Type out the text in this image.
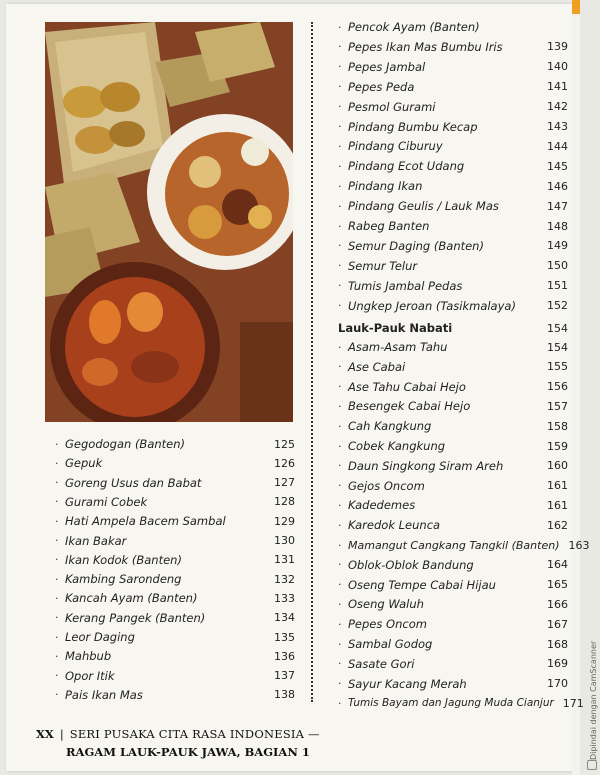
· Gegodogan (Banten)	125
· Gepuk	126
· Goreng Usus dan Babat	127
· Gurami Cobek	128
· Hati Ampela Bacem Sambal	129
· Ikan Bakar	130
· Ikan Kodok (Banten)	131
· Kambing Sarondeng	132
· Kancah Ayam (Banten)	133
· Kerang Pangek (Banten)	134
· Leor Daging	135
· Mahbub	136
· Opor Itik	137
· Pais Ikan Mas	138
· Pencok Ayam (Banten)
· Pepes Ikan Mas Bumbu Iris	139
· Pepes Jambal	140
· Pepes Peda	141
· Pesmol Gurami	142
· Pindang Bumbu Kecap	143
· Pindang Ciburuy	144
· Pindang Ecot Udang	145
· Pindang Ikan	146
· Pindang Geulis / Lauk Mas	147
· Rabeg Banten	148
· Semur Daging (Banten)	149
· Semur Telur	150
· Tumis Jambal Pedas	151
· Ungkep Jeroan (Tasikmalaya)	152
Lauk-Pauk Nabati	154
· Asam-Asam Tahu	154
· Ase Cabai	155
· Ase Tahu Cabai Hejo	156
· Besengek Cabai Hejo	157
· Cah Kangkung	158
· Cobek Kangkung	159
· Daun Singkong Siram Areh	160
· Gejos Oncom	161
· Kadedemes	161
· Karedok Leunca	162
· Mamangut Cangkang Tangkil (Banten) 163
· Oblok-Oblok Bandung	164
· Oseng Tempe Cabai Hijau	165
· Oseng Waluh	166
· Pepes Oncom	167
· Sambal Godog	168
· Sasate Gori	169
· Sayur Kacang Merah	170
· Tumis Bayam dan Jagung Muda Cianjur 171
XX | SERI PUSAKA CITA RASA INDONESIA —
RAGAM LAUK-PAUK JAWA, BAGIAN 1	Dipindai dengan CamScanner
